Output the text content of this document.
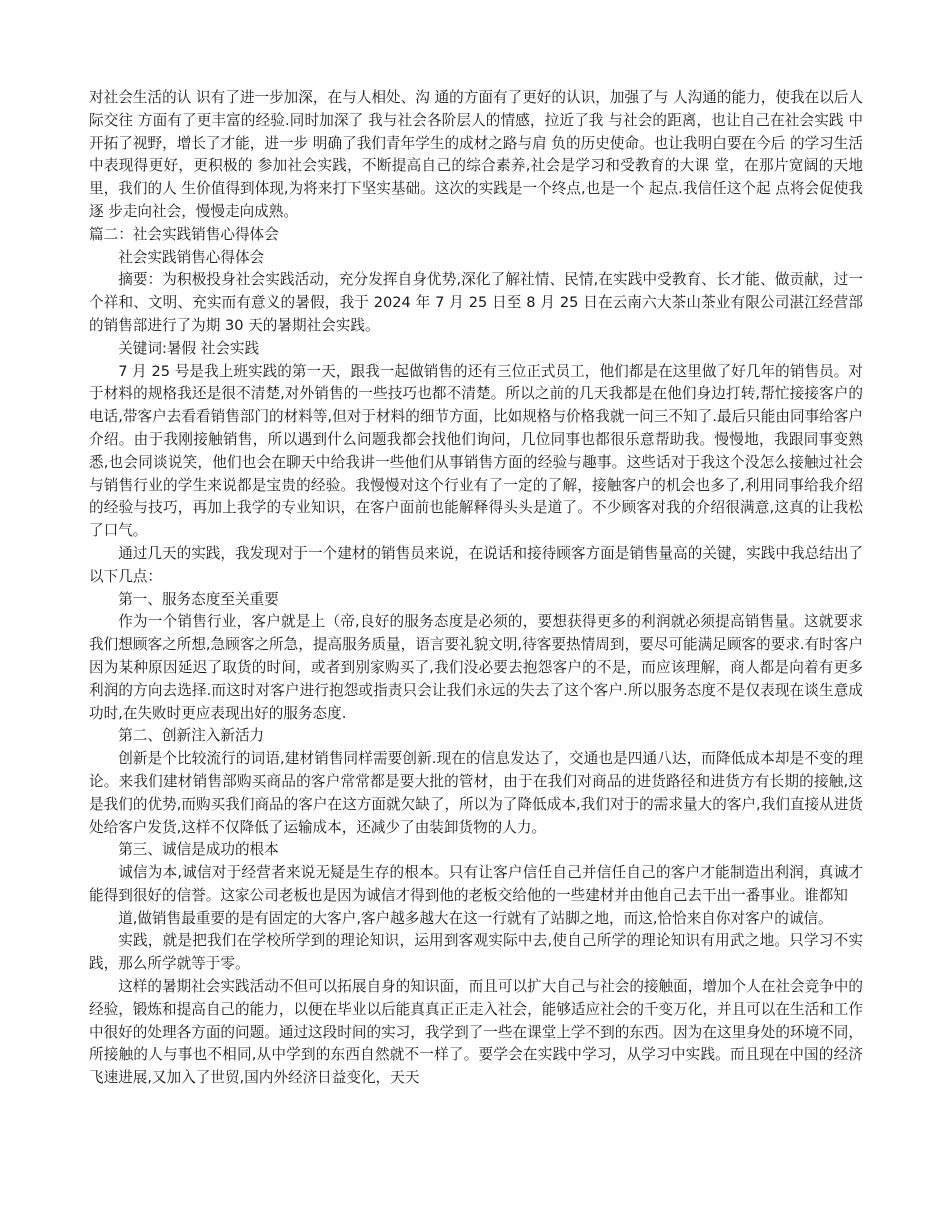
对社会生活的认 识有了进一步加深，在与人相处、沟 通的方面有了更好的认识，加强了与 人沟通的能力，使我在以后人际交往 方面有了更丰富的经验.同时加深了 我与社会各阶层人的情感，拉近了我 与社会的距离，也让自己在社会实践 中开拓了视野，增长了才能，进一步 明确了我们青年学生的成材之路与肩 负的历史使命。也让我明白要在今后 的学习生活中表现得更好，更积极的 参加社会实践，不断提高自己的综合素养,社会是学习和受教育的大课 堂，在那片宽阔的天地里，我们的人 生价值得到体现,为将来打下坚实基础。这次的实践是一个终点,也是一个 起点.我信任这个起 点将会促使我逐 步走向社会，慢慢走向成熟。

篇二：社会实践销售心得体会

社会实践销售心得体会

摘要：为积极投身社会实践活动，充分发挥自身优势,深化了解社情、民情,在实践中受教育、长才能、做贡献，过一个祥和、文明、充实而有意义的暑假，我于 2024 年 7 月 25 日至 8 月 25 日在云南六大茶山茶业有限公司湛江经营部的销售部进行了为期 30 天的暑期社会实践。

关键词:暑假 社会实践

7 月 25 号是我上班实践的第一天，跟我一起做销售的还有三位正式员工，他们都是在这里做了好几年的销售员。对于材料的规格我还是很不清楚,对外销售的一些技巧也都不清楚。所以之前的几天我都是在他们身边打转,帮忙接接客户的电话,带客户去看看销售部门的材料等,但对于材料的细节方面，比如规格与价格我就一问三不知了.最后只能由同事给客户介绍。由于我刚接触销售，所以遇到什么问题我都会找他们询问，几位同事也都很乐意帮助我。慢慢地，我跟同事变熟悉,也会同谈说笑，他们也会在聊天中给我讲一些他们从事销售方面的经验与趣事。这些话对于我这个没怎么接触过社会与销售行业的学生来说都是宝贵的经验。我慢慢对这个行业有了一定的了解，接触客户的机会也多了,利用同事给我介绍的经验与技巧，再加上我学的专业知识，在客户面前也能解释得头头是道了。不少顾客对我的介绍很满意,这真的让我松了口气。

通过几天的实践，我发现对于一个建材的销售员来说，在说话和接待顾客方面是销售量高的关键，实践中我总结出了以下几点：

第一、服务态度至关重要

作为一个销售行业，客户就是上（帝,良好的服务态度是必须的，要想获得更多的利润就必须提高销售量。这就要求我们想顾客之所想,急顾客之所急，提高服务质量，语言要礼貌文明,待客要热情周到，要尽可能满足顾客的要求.有时客户因为某种原因延迟了取货的时间，或者到别家购买了,我们没必要去抱怨客户的不是，而应该理解，商人都是向着有更多利润的方向去选择.而这时对客户进行抱怨或指责只会让我们永远的失去了这个客户.所以服务态度不是仅表现在谈生意成功时,在失败时更应表现出好的服务态度.

第二、创新注入新活力

创新是个比较流行的词语,建材销售同样需要创新.现在的信息发达了，交通也是四通八达，而降低成本却是不变的理论。来我们建材销售部购买商品的客户常常都是要大批的管材，由于在我们对商品的进货路径和进货方有长期的接触,这是我们的优势,而购买我们商品的客户在这方面就欠缺了，所以为了降低成本,我们对于的需求量大的客户,我们直接从进货处给客户发货,这样不仅降低了运输成本，还减少了由装卸货物的人力。

第三、诚信是成功的根本

诚信为本,诚信对于经营者来说无疑是生存的根本。只有让客户信任自己并信任自己的客户才能制造出利润，真诚才能得到很好的信誉。这家公司老板也是因为诚信才得到他的老板交给他的一些建材并由他自己去干出一番事业。谁都知

道,做销售最重要的是有固定的大客户,客户越多越大在这一行就有了站脚之地，而这,恰恰来自你对客户的诚信。

实践，就是把我们在学校所学到的理论知识，运用到客观实际中去,使自己所学的理论知识有用武之地。只学习不实践，那么所学就等于零。

这样的暑期社会实践活动不但可以拓展自身的知识面，而且可以扩大自己与社会的接触面，增加个人在社会竞争中的经验，锻炼和提高自己的能力，以便在毕业以后能真真正正走入社会，能够适应社会的千变万化，并且可以在生活和工作中很好的处理各方面的问题。通过这段时间的实习，我学到了一些在课堂上学不到的东西。因为在这里身处的环境不同，所接触的人与事也不相同,从中学到的东西自然就不一样了。要学会在实践中学习，从学习中实践。而且现在中国的经济飞速进展,又加入了世贸,国内外经济日益变化，天天
